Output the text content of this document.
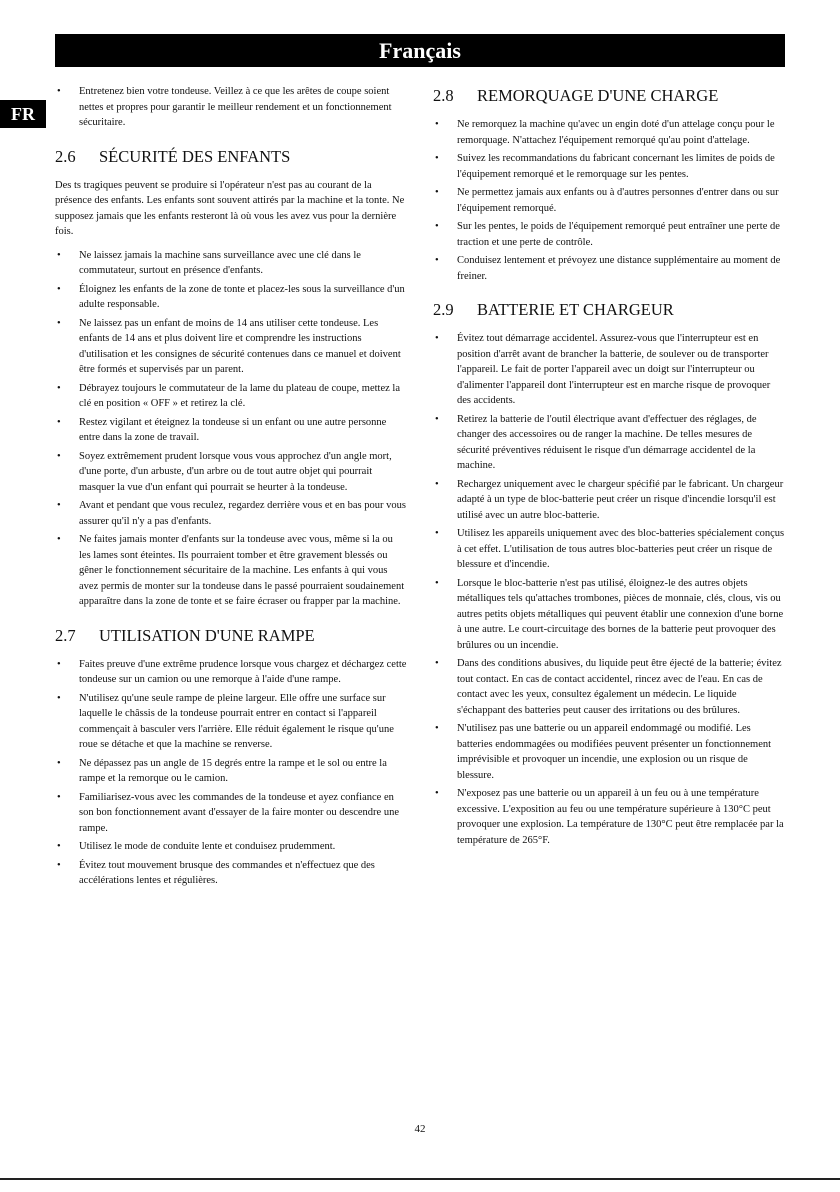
Français
FR
• Entretenez bien votre tondeuse. Veillez à ce que les arêtes de coupe soient nettes et propres pour garantir le meilleur rendement et un fonctionnement sécuritaire.
2.6 SÉCURITÉ DES ENFANTS

Des ts tragiques peuvent se produire si l'opérateur n'est pas au courant de la présence des enfants. Les enfants sont souvent attirés par la machine et la tonte. Ne supposez jamais que les enfants resteront là où vous les avez vus pour la dernière fois.

• Ne laissez jamais la machine sans surveillance avec une clé dans le commutateur, surtout en présence d'enfants.
• Éloignez les enfants de la zone de tonte et placez-les sous la surveillance d'un adulte responsable.
• Ne laissez pas un enfant de moins de 14 ans utiliser cette tondeuse. Les enfants de 14 ans et plus doivent lire et comprendre les instructions d'utilisation et les consignes de sécurité contenues dans ce manuel et doivent être formés et supervisés par un parent.
• Débrayez toujours le commutateur de la lame du plateau de coupe, mettez la clé en position « OFF » et retirez la clé.
• Restez vigilant et éteignez la tondeuse si un enfant ou une autre personne entre dans la zone de travail.
• Soyez extrêmement prudent lorsque vous vous approchez d'un angle mort, d'une porte, d'un arbuste, d'un arbre ou de tout autre objet qui pourrait masquer la vue d'un enfant qui pourrait se heurter à la tondeuse.
• Avant et pendant que vous reculez, regardez derrière vous et en bas pour vous assurer qu'il n'y a pas d'enfants.
• Ne faites jamais monter d'enfants sur la tondeuse avec vous, même si la ou les lames sont éteintes. Ils pourraient tomber et être gravement blessés ou gêner le fonctionnement sécuritaire de la machine. Les enfants à qui vous avez permis de monter sur la tondeuse dans le passé pourraient soudainement apparaître dans la zone de tonte et se faire écraser ou frapper par la machine.
2.7 UTILISATION D'UNE RAMPE
• Faites preuve d'une extrême prudence lorsque vous chargez et déchargez cette tondeuse sur un camion ou une remorque à l'aide d'une rampe.
• N'utilisez qu'une seule rampe de pleine largeur. Elle offre une surface sur laquelle le châssis de la tondeuse pourrait entrer en contact si l'appareil commençait à basculer vers l'arrière. Elle réduit également le risque qu'une roue se détache et que la machine se renverse.
• Ne dépassez pas un angle de 15 degrés entre la rampe et le sol ou entre la rampe et la remorque ou le camion.
• Familiarisez-vous avec les commandes de la tondeuse et ayez confiance en son bon fonctionnement avant d'essayer de la faire monter ou descendre une rampe.
• Utilisez le mode de conduite lente et conduisez prudemment.
• Évitez tout mouvement brusque des commandes et n'effectuez que des accélérations lentes et régulières.
2.8 REMORQUAGE D'UNE CHARGE
• Ne remorquez la machine qu'avec un engin doté d'un attelage conçu pour le remorquage. N'attachez l'équipement remorqué qu'au point d'attelage.
• Suivez les recommandations du fabricant concernant les limites de poids de l'équipement remorqué et le remorquage sur les pentes.
• Ne permettez jamais aux enfants ou à d'autres personnes d'entrer dans ou sur l'équipement remorqué.
• Sur les pentes, le poids de l'équipement remorqué peut entraîner une perte de traction et une perte de contrôle.
• Conduisez lentement et prévoyez une distance supplémentaire au moment de freiner.
2.9 BATTERIE ET CHARGEUR
• Évitez tout démarrage accidentel. Assurez-vous que l'interrupteur est en position d'arrêt avant de brancher la batterie, de soulever ou de transporter l'appareil. Le fait de porter l'appareil avec un doigt sur l'interrupteur ou d'alimenter l'appareil dont l'interrupteur est en marche risque de provoquer des accidents.
• Retirez la batterie de l'outil électrique avant d'effectuer des réglages, de changer des accessoires ou de ranger la machine. De telles mesures de sécurité préventives réduisent le risque d'un démarrage accidentel de la machine.
• Rechargez uniquement avec le chargeur spécifié par le fabricant. Un chargeur adapté à un type de bloc-batterie peut créer un risque d'incendie lorsqu'il est utilisé avec un autre bloc-batterie.
• Utilisez les appareils uniquement avec des bloc-batteries spécialement conçus à cet effet. L'utilisation de tous autres bloc-batteries peut créer un risque de blessure et d'incendie.
• Lorsque le bloc-batterie n'est pas utilisé, éloignez-le des autres objets métalliques tels qu'attaches trombones, pièces de monnaie, clés, clous, vis ou autres petits objets métalliques qui peuvent établir une connexion d'une borne à une autre. Le court-circuitage des bornes de la batterie peut provoquer des brûlures ou un incendie.
• Dans des conditions abusives, du liquide peut être éjecté de la batterie; évitez tout contact. En cas de contact accidentel, rincez avec de l'eau. En cas de contact avec les yeux, consultez également un médecin. Le liquide s'échappant des batteries peut causer des irritations ou des brûlures.
• N'utilisez pas une batterie ou un appareil endommagé ou modifié. Les batteries endommagées ou modifiées peuvent présenter un fonctionnement imprévisible et provoquer un incendie, une explosion ou un risque de blessure.
• N'exposez pas une batterie ou un appareil à un feu ou à une température excessive. L'exposition au feu ou une température supérieure à 130°C peut provoquer une explosion. La température de 130°C peut être remplacée par la température de 265°F.
42
